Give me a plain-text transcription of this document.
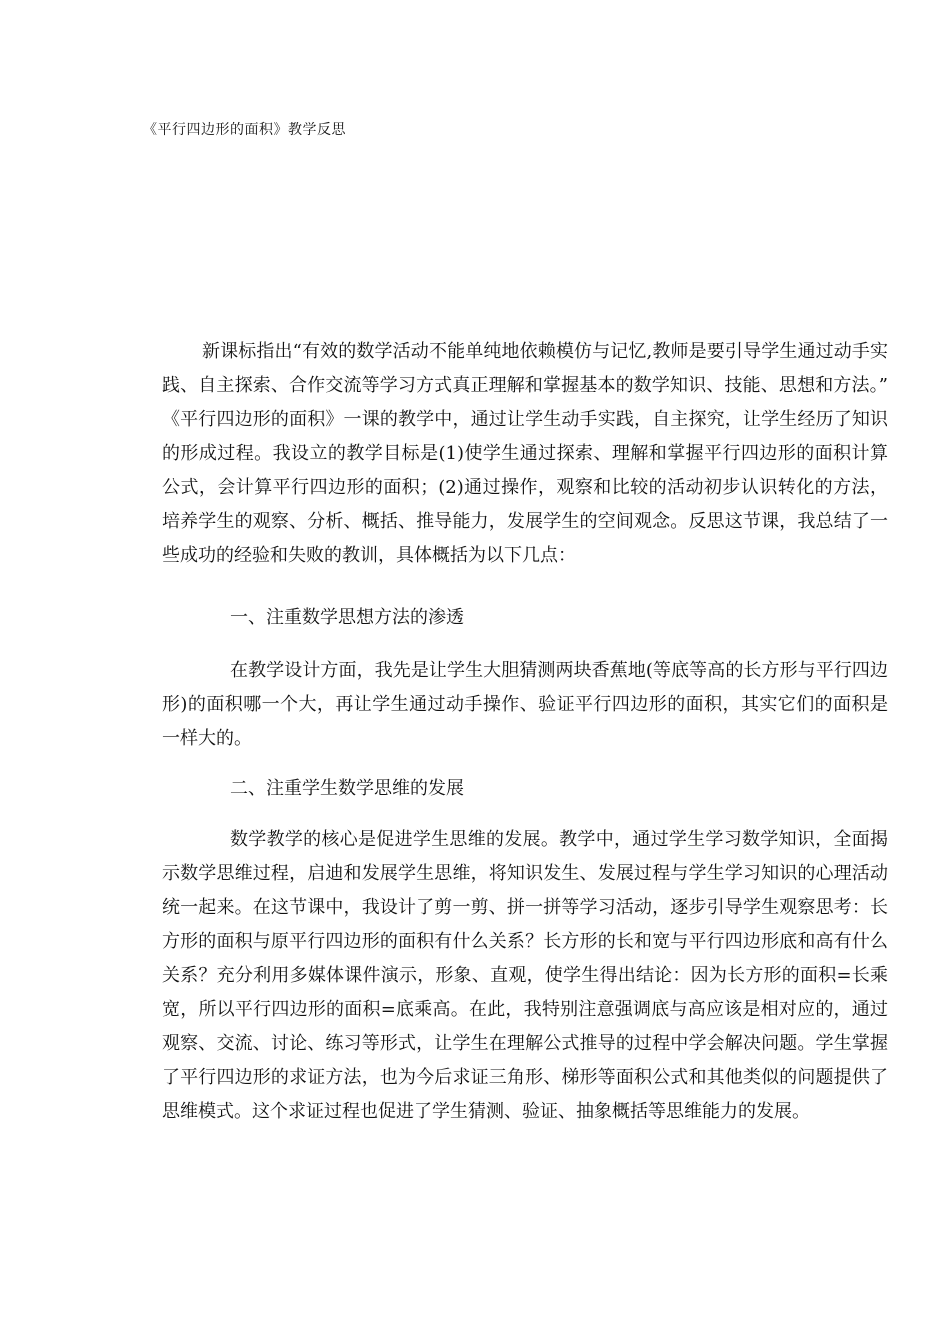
《平行四边形的面积》教学反思

新课标指出“有效的数学活动不能单纯地依赖模仿与记忆,教师是要引导学生通过动手实践、自主探索、合作交流等学习方式真正理解和掌握基本的数学知识、技能、思想和方法。” 《平行四边形的面积》一课的教学中，通过让学生动手实践，自主探究，让学生经历了知识的形成过程。我设立的教学目标是(1)使学生通过探索、理解和掌握平行四边形的面积计算公式，会计算平行四边形的面积；(2)通过操作，观察和比较的活动初步认识转化的方法，培养学生的观察、分析、概括、推导能力，发展学生的空间观念。反思这节课，我总结了一些成功的经验和失败的教训，具体概括为以下几点：

一、注重数学思想方法的渗透

在教学设计方面，我先是让学生大胆猜测两块香蕉地(等底等高的长方形与平行四边形)的面积哪一个大，再让学生通过动手操作、验证平行四边形的面积，其实它们的面积是一样大的。

二、注重学生数学思维的发展

数学教学的核心是促进学生思维的发展。教学中，通过学生学习数学知识，全面揭示数学思维过程，启迪和发展学生思维，将知识发生、发展过程与学生学习知识的心理活动统一起来。在这节课中，我设计了剪一剪、拼一拼等学习活动，逐步引导学生观察思考：长方形的面积与原平行四边形的面积有什么关系？长方形的长和宽与平行四边形底和高有什么关系？充分利用多媒体课件演示，形象、直观，使学生得出结论：因为长方形的面积=长乘宽，所以平行四边形的面积=底乘高。在此，我特别注意强调底与高应该是相对应的，通过观察、交流、讨论、练习等形式，让学生在理解公式推导的过程中学会解决问题。学生掌握了平行四边形的求证方法，也为今后求证三角形、梯形等面积公式和其他类似的问题提供了思维模式。这个求证过程也促进了学生猜测、验证、抽象概括等思维能力的发展。
